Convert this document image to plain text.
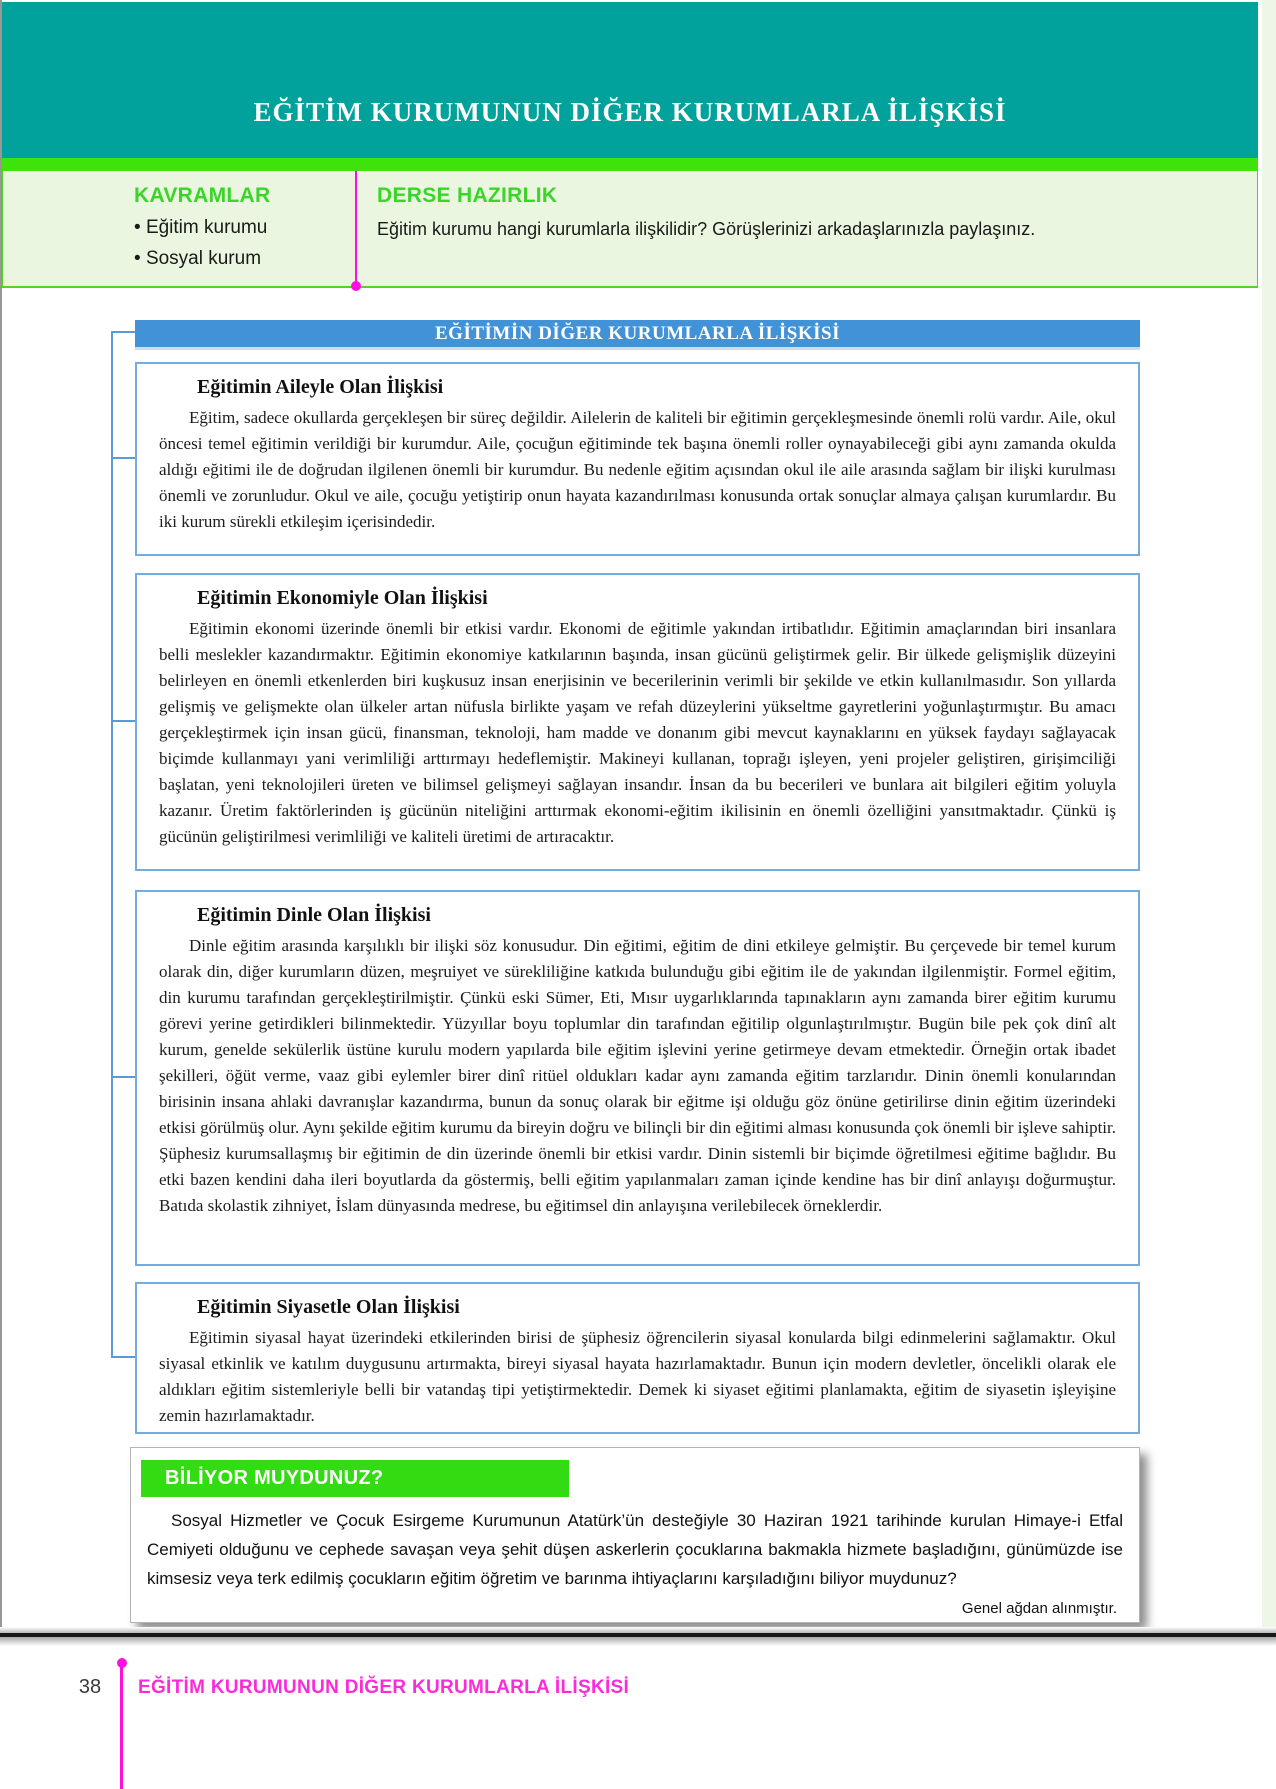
EĞİTİM KURUMUNUN DİĞER KURUMLARLA İLİŞKİSİ
KAVRAMLAR
• Eğitim kurumu
• Sosyal kurum
DERSE HAZIRLIK
Eğitim kurumu hangi kurumlarla ilişkilidir? Görüşlerinizi arkadaşlarınızla paylaşınız.
EĞİTİMİN DİĞER KURUMLARLA İLİŞKİSİ
Eğitimin Aileyle Olan İlişkisi

Eğitim, sadece okullarda gerçekleşen bir süreç değildir. Ailelerin de kaliteli bir eğitimin gerçekleşmesinde önemli rolü vardır. Aile, okul öncesi temel eğitimin verildiği bir kurumdur. Aile, çocuğun eğitiminde tek başına önemli roller oynayabileceği gibi aynı zamanda okulda aldığı eğitimi ile de doğrudan ilgilenen önemli bir kurumdur. Bu nedenle eğitim açısından okul ile aile arasında sağlam bir ilişki kurulması önemli ve zorunludur. Okul ve aile, çocuğu yetiştirip onun hayata kazandırılması konusunda ortak sonuçlar almaya çalışan kurumlardır. Bu iki kurum sürekli etkileşim içerisindedir.

Eğitimin Ekonomiyle Olan İlişkisi

Eğitimin ekonomi üzerinde önemli bir etkisi vardır. Ekonomi de eğitimle yakından irtibatlıdır. Eğitimin amaçlarından biri insanlara belli meslekler kazandırmaktır. Eğitimin ekonomiye katkılarının başında, insan gücünü geliştirmek gelir. Bir ülkede gelişmişlik düzeyini belirleyen en önemli etkenlerden biri kuşkusuz insan enerjisinin ve becerilerinin verimli bir şekilde ve etkin kullanılmasıdır. Son yıllarda gelişmiş ve gelişmekte olan ülkeler artan nüfusla birlikte yaşam ve refah düzeylerini yükseltme gayretlerini yoğunlaştırmıştır. Bu amacı gerçekleştirmek için insan gücü, finansman, teknoloji, ham madde ve donanım gibi mevcut kaynaklarını en yüksek faydayı sağlayacak biçimde kullanmayı yani verimliliği arttırmayı hedeflemiştir. Makineyi kullanan, toprağı işleyen, yeni projeler geliştiren, girişimciliği başlatan, yeni teknolojileri üreten ve bilimsel gelişmeyi sağlayan insandır. İnsan da bu becerileri ve bunlara ait bilgileri eğitim yoluyla kazanır. Üretim faktörlerinden iş gücünün niteliğini arttırmak ekonomi-eğitim ikilisinin en önemli özelliğini yansıtmaktadır. Çünkü iş gücünün geliştirilmesi verimliliği ve kaliteli üretimi de artıracaktır.

Eğitimin Dinle Olan İlişkisi

Dinle eğitim arasında karşılıklı bir ilişki söz konusudur. Din eğitimi, eğitim de dini etkileye gelmiştir. Bu çerçevede bir temel kurum olarak din, diğer kurumların düzen, meşruiyet ve sürekliliğine katkıda bulunduğu gibi eğitim ile de yakından ilgilenmiştir. Formel eğitim, din kurumu tarafından gerçekleştirilmiştir. Çünkü eski Sümer, Eti, Mısır uygarlıklarında tapınakların aynı zamanda birer eğitim kurumu görevi yerine getirdikleri bilinmektedir. Yüzyıllar boyu toplumlar din tarafından eğitilip olgunlaştırılmıştır. Bugün bile pek çok dinî alt kurum, genelde sekülerlik üstüne kurulu modern yapılarda bile eğitim işlevini yerine getirmeye devam etmektedir. Örneğin ortak ibadet şekilleri, öğüt verme, vaaz gibi eylemler birer dinî ritüel oldukları kadar aynı zamanda eğitim tarzlarıdır. Dinin önemli konularından birisinin insana ahlaki davranışlar kazandırma, bunun da sonuç olarak bir eğitme işi olduğu göz önüne getirilirse dinin eğitim üzerindeki etkisi görülmüş olur. Aynı şekilde eğitim kurumu da bireyin doğru ve bilinçli bir din eğitimi alması konusunda çok önemli bir işleve sahiptir. Şüphesiz kurumsallaşmış bir eğitimin de din üzerinde önemli bir etkisi vardır. Dinin sistemli bir biçimde öğretilmesi eğitime bağlıdır. Bu etki bazen kendini daha ileri boyutlarda da göstermiş, belli eğitim yapılanmaları zaman içinde kendine has bir dinî anlayışı doğurmuştur. Batıda skolastik zihniyet, İslam dünyasında medrese, bu eğitimsel din anlayışına verilebilecek örneklerdir.

Eğitimin Siyasetle Olan İlişkisi

Eğitimin siyasal hayat üzerindeki etkilerinden birisi de şüphesiz öğrencilerin siyasal konularda bilgi edinmelerini sağlamaktır. Okul siyasal etkinlik ve katılım duygusunu artırmakta, bireyi siyasal hayata hazırlamaktadır. Bunun için modern devletler, öncelikli olarak ele aldıkları eğitim sistemleriyle belli bir vatandaş tipi yetiştirmektedir. Demek ki siyaset eğitimi planlamakta, eğitim de siyasetin işleyişine zemin hazırlamaktadır.

BİLİYOR MUYDUNUZ?

Sosyal Hizmetler ve Çocuk Esirgeme Kurumunun Atatürk’ün desteğiyle 30 Haziran 1921 tarihinde kurulan Himaye-i Etfal Cemiyeti olduğunu ve cephede savaşan veya şehit düşen askerlerin çocuklarına bakmakla hizmete başladığını, günümüzde ise kimsesiz veya terk edilmiş çocukların eğitim öğretim ve barınma ihtiyaçlarını karşıladığını biliyor muydunuz?

Genel ağdan alınmıştır.
38	EĞİTİM KURUMUNUN DİĞER KURUMLARLA İLİŞKİSİ
